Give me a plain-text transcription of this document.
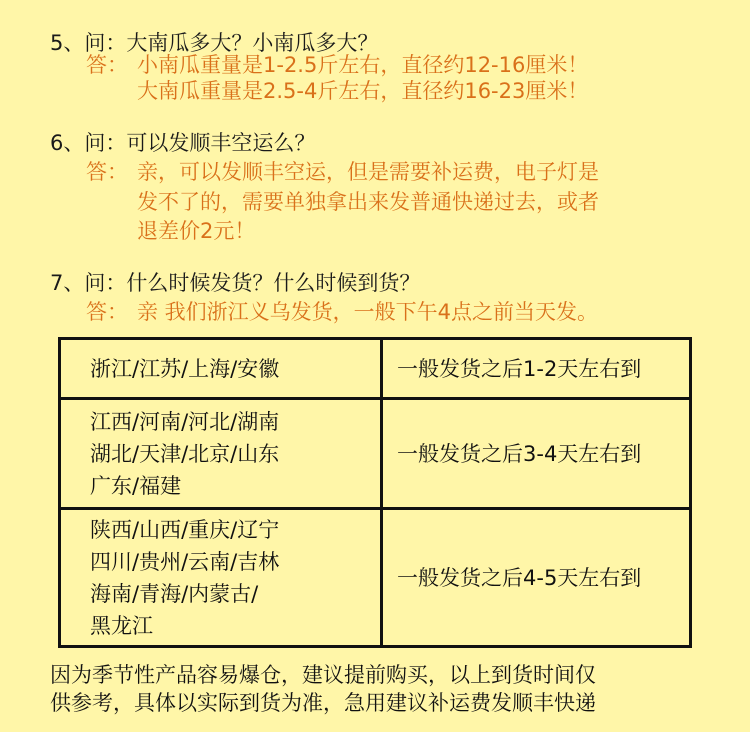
5、问：大南瓜多大？小南瓜多大？
答： 小南瓜重量是1-2.5斤左右，直径约12-16厘米！
大南瓜重量是2.5-4斤左右，直径约16-23厘米！
6、问：可以发顺丰空运么？
答： 亲，可以发顺丰空运，但是需要补运费，电子灯是
发不了的，需要单独拿出来发普通快递过去，或者
退差价2元！
7、问：什么时候发货？什么时候到货？
答： 亲 我们浙江义乌发货，一般下午4点之前当天发。
浙江/江苏/上海/安徽	一般发货之后1-2天左右到

江西/河南/河北/湖南
湖北/天津/北京/山东
广东/福建	一般发货之后3-4天左右到

陕西/山西/重庆/辽宁
四川/贵州/云南/吉林
海南/青海/内蒙古/
黑龙江	一般发货之后4-5天左右到
因为季节性产品容易爆仓，建议提前购买，以上到货时间仅
供参考，具体以实际到货为准，急用建议补运费发顺丰快递
